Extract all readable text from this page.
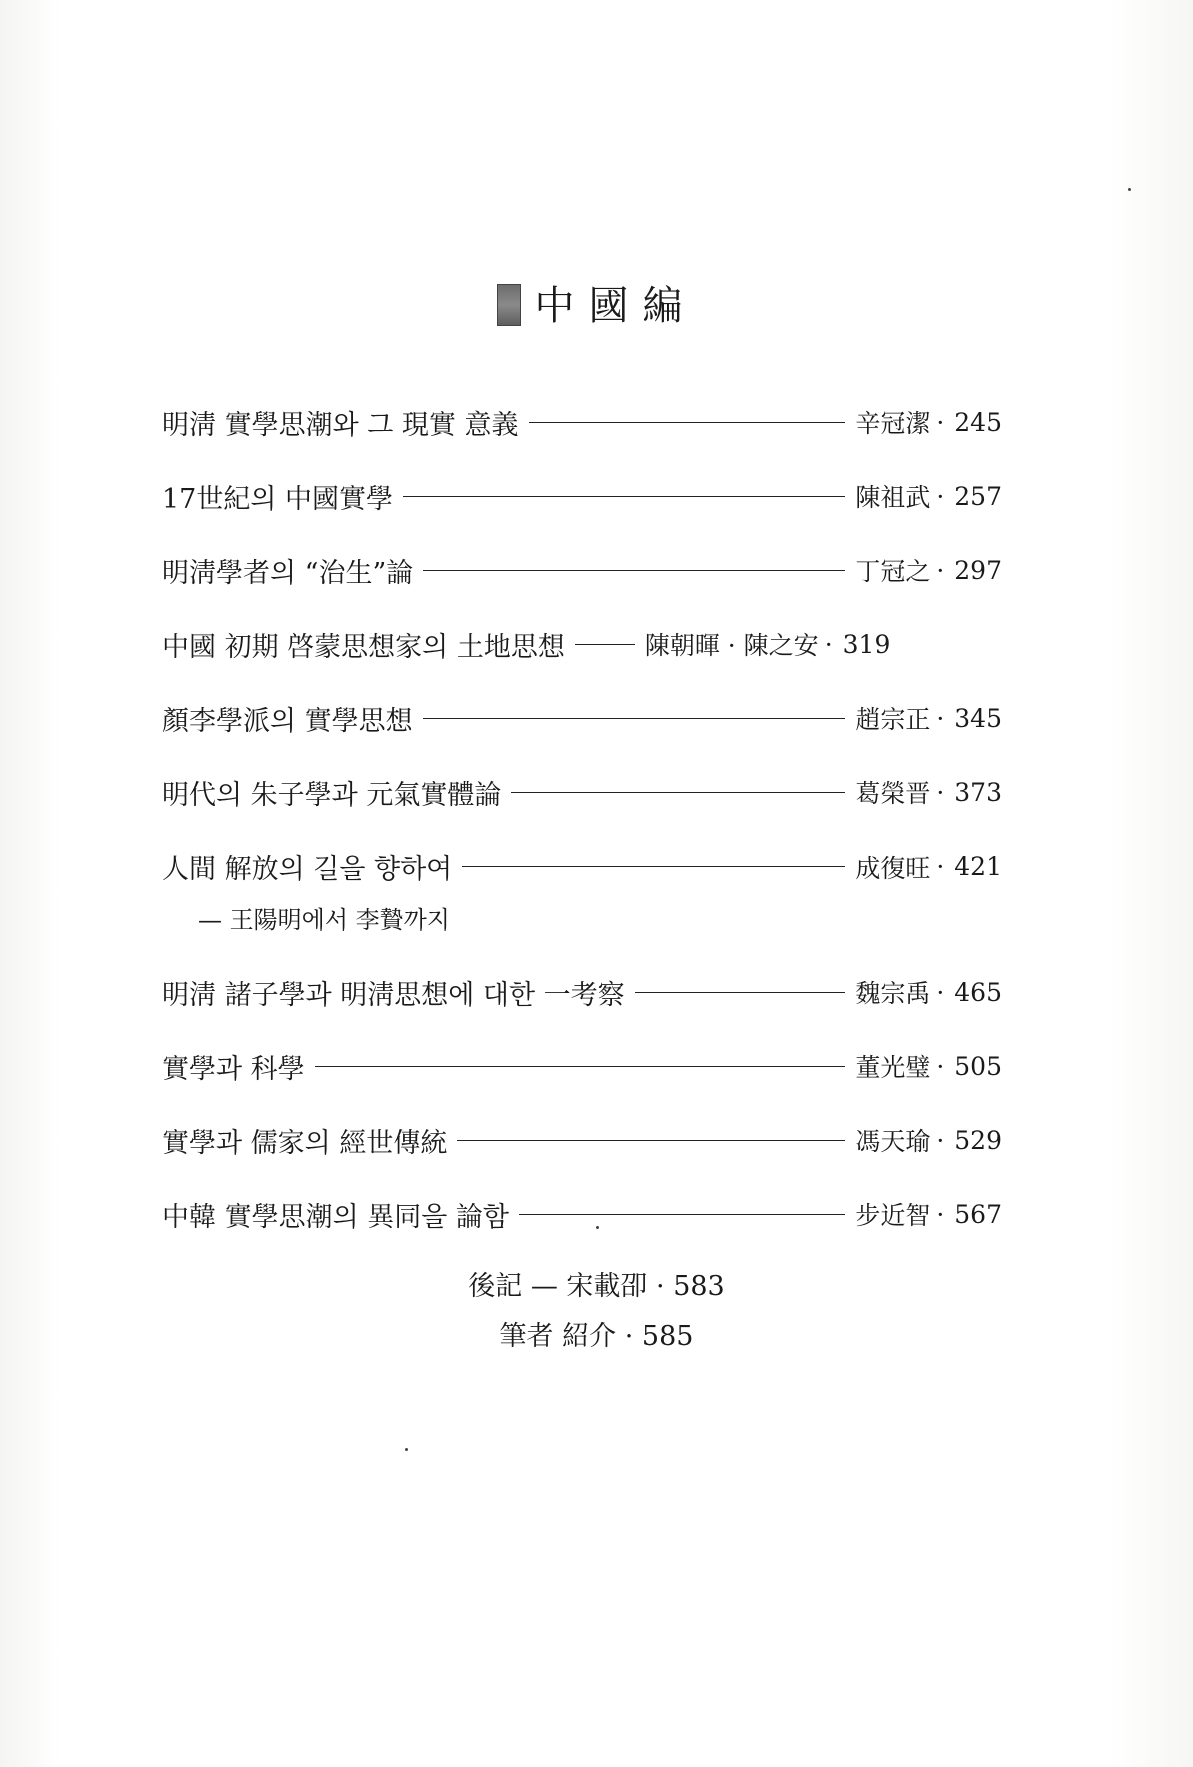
中國編
明淸 實學思潮와 그 現實 意義	辛冠潔 · 245
17世紀의 中國實學	陳祖武 · 257
明淸學者의 “治生”論	丁冠之 · 297
中國 初期 啓蒙思想家의 土地思想	陳朝暉 · 陳之安 · 319
顏李學派의 實學思想	趙宗正 · 345
明代의 朱子學과 元氣實體論	葛榮晋 · 373
人間 解放의 길을 향하여	成復旺 · 421
— 王陽明에서 李贄까지
明淸 諸子學과 明淸思想에 대한 一考察	魏宗禹 · 465
實學과 科學	董光璧 · 505
實學과 儒家의 經世傳統	馮天瑜 · 529
中韓 實學思潮의 異同을 論함	步近智 · 567
後記 — 宋載卲 · 583
筆者 紹介 · 585
